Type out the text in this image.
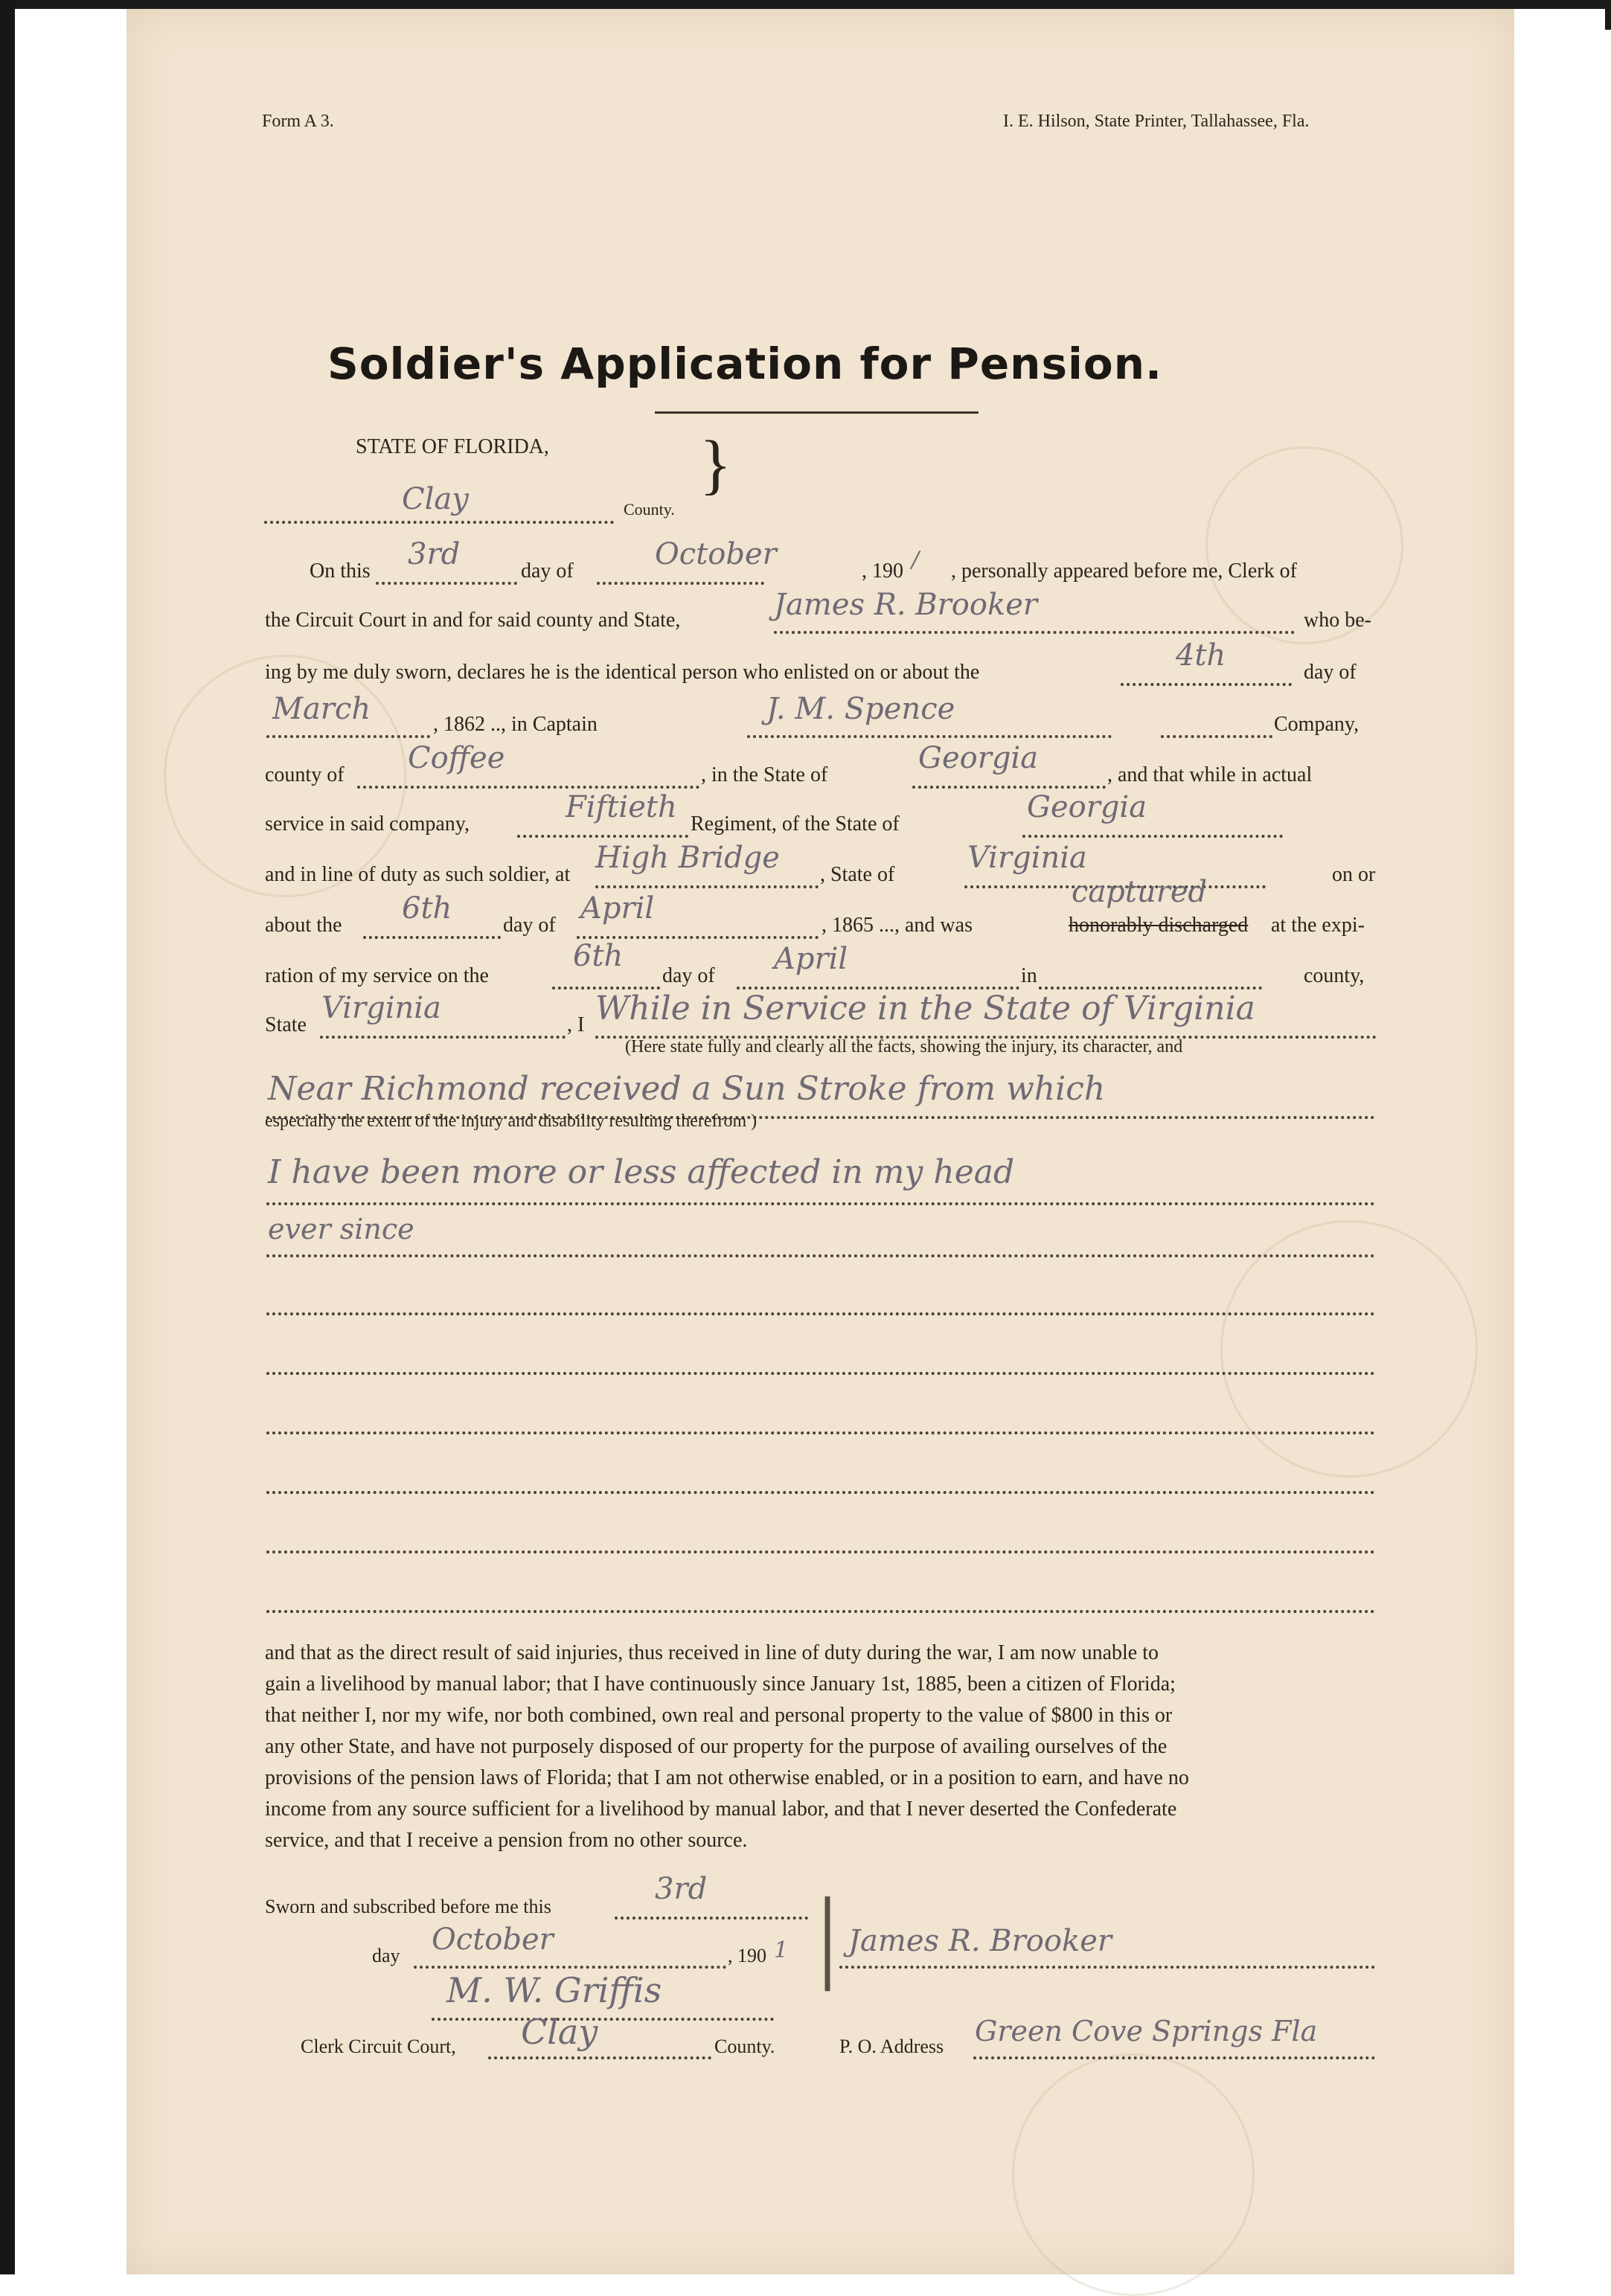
Form A 3.	I. E. Hilson, State Printer, Tallahassee, Fla.
Soldier's Application for Pension.
STATE OF FLORIDA, }
Clay	County.
On this 3rd	day of	October	, 190 / , personally appeared before me, Clerk of
the Circuit Court in and for said county and State,	James R. Brooker	who be-
ing by me duly sworn, declares he is the identical person who enlisted on or about the	4th	day of
March	, 1862 .., in Captain	J. M. Spence	Company,
county of Coffee	, in the State of	Georgia	, and that while in actual
service in said company,	Fiftieth Regiment, of the State of	Georgia
and in line of duty as such soldier, at High Bridge , State of Virginia	on or
about the 6th day of April	, 1865 ..., and was
captured
honorably discharged at the expi-
ration of my service on the
6th
day of April	in	county,
State Virginia	, I While in Service in the State of Virginia
(Here state fully and clearly all the facts, showing the injury, its character, and
Near Richmond received a Sun Stroke from which
especially the extent of the injury and disability resulting therefrom )
I have been more or less affected in my head
ever since
and that as the direct result of said injuries, thus received in line of duty during the war, I am now unable to
gain a livelihood by manual labor; that I have continuously since January 1st, 1885, been a citizen of Florida;
that neither I, nor my wife, nor both combined, own real and personal property to the value of $800 in this or
any other State, and have not purposely disposed of our property for the purpose of availing ourselves of the
provisions of the pension laws of Florida; that I am not otherwise enabled, or in a position to earn, and have no
income from any source sufficient for a livelihood by manual labor, and that I never deserted the Confederate
service, and that I receive a pension from no other source.
Sworn and subscribed before me this
3rd |
day October	, 190 1 James R. Brooker
M. W. Griffis
Clerk Circuit Court, Clay	County.	P. O. Address Green Cove Springs Fla
